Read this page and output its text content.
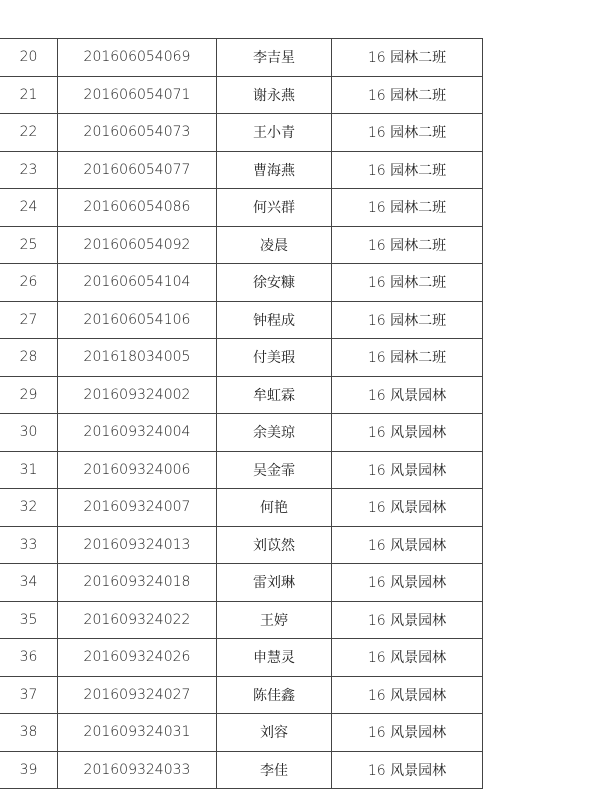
20	201606054069	李吉星	16 园林二班
21	201606054071	谢永燕	16 园林二班
22	201606054073	王小青	16 园林二班
23	201606054077	曹海燕	16 园林二班
24	201606054086	何兴群	16 园林二班
25	201606054092	凌晨	16 园林二班
26	201606054104	徐安糠	16 园林二班
27	201606054106	钟程成	16 园林二班
28	201618034005	付美瑕	16 园林二班
29	201609324002	牟虹霖	16 风景园林
30	201609324004	余美琼	16 风景园林
31	201609324006	吴金霏	16 风景园林
32	201609324007	何艳	16 风景园林
33	201609324013	刘苡然	16 风景园林
34	201609324018	雷刘琳	16 风景园林
35	201609324022	王婷	16 风景园林
36	201609324026	申慧灵	16 风景园林
37	201609324027	陈佳鑫	16 风景园林
38	201609324031	刘容	16 风景园林
39	201609324033	李佳	16 风景园林
